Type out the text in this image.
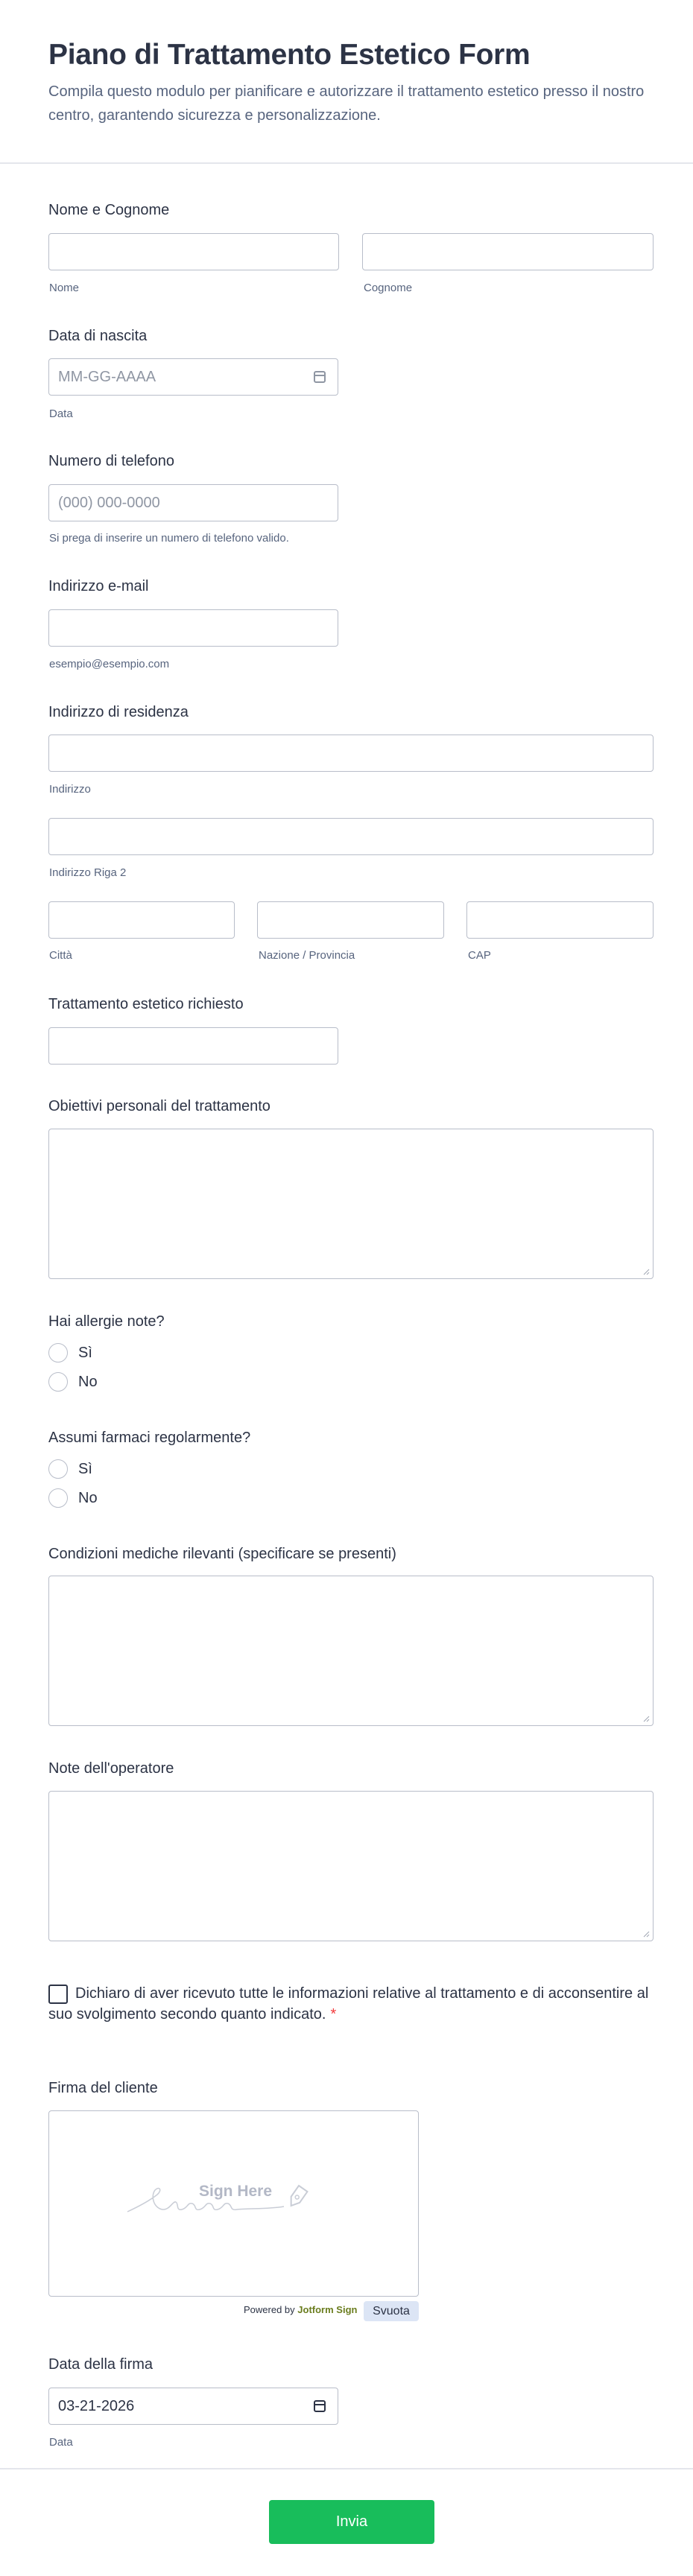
Piano di Trattamento Estetico Form
Compila questo modulo per pianificare e autorizzare il trattamento estetico presso il nostro centro, garantendo sicurezza e personalizzazione.
Nome e Cognome
Nome	Cognome
Data di nascita
MM-GG-AAAA
Data
Numero di telefono
(000) 000-0000
Si prega di inserire un numero di telefono valido.
Indirizzo e-mail
esempio@esempio.com
Indirizzo di residenza
Indirizzo
Indirizzo Riga 2
Città	Nazione / Provincia	CAP
Trattamento estetico richiesto
Obiettivi personali del trattamento
Hai allergie note?
Sì
No
Assumi farmaci regolarmente?
Sì
No
Condizioni mediche rilevanti (specificare se presenti)
Note dell'operatore
Dichiaro di aver ricevuto tutte le informazioni relative al trattamento e di acconsentire al suo svolgimento secondo quanto indicato. *
Firma del cliente
Sign Here
Powered by Jotform Sign	Svuota
Data della firma
03-21-2026
Data
Invia
